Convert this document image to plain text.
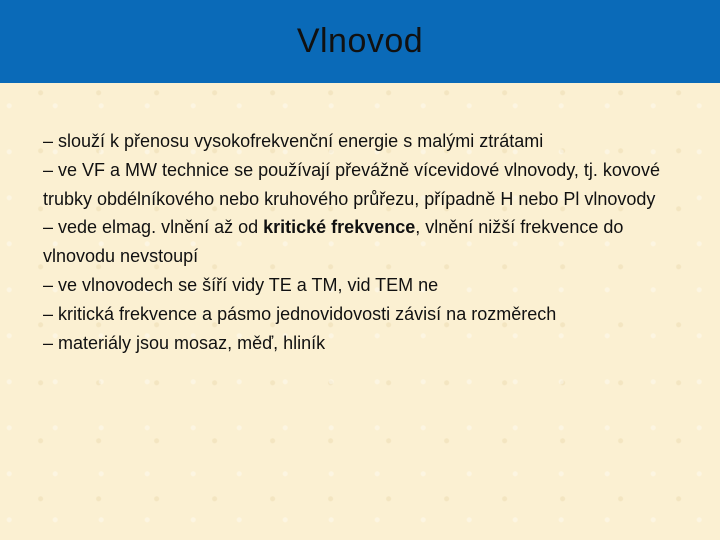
Vlnovod

– slouží k přenosu vysokofrekvenční energie s malými ztrátami

– ve VF a MW technice se používají převážně vícevidové vlnovody, tj. kovové trubky obdélníkového nebo kruhového průřezu, případně H nebo Pl vlnovody

– vede elmag. vlnění až od kritické frekvence, vlnění nižší frekvence do vlnovodu nevstoupí

– ve vlnovodech se šíří vidy TE a TM, vid TEM ne

– kritická frekvence a pásmo jednovidovosti závisí na rozměrech

– materiály jsou mosaz, měď, hliník
